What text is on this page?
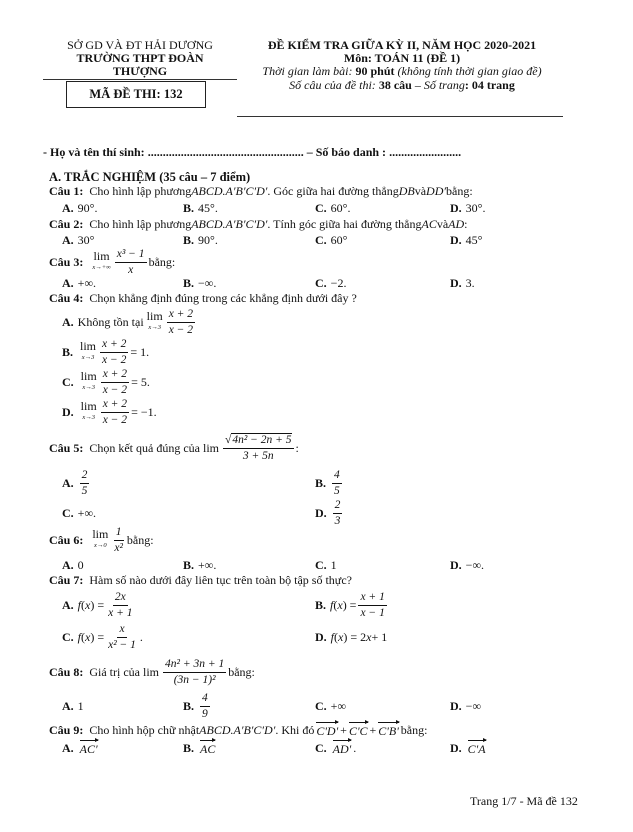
SỞ GD VÀ ĐT HẢI DƯƠNG
TRƯỜNG THPT ĐOÀN
THƯỢNG
MÃ ĐỀ THI: 132
ĐỀ KIỂM TRA GIỮA KỲ II, NĂM HỌC 2020-2021
Môn: TOÁN 11 (ĐỀ 1)
Thời gian làm bài: 90 phút (không tính thời gian giao đề)
Số câu của đề thi: 38 câu – Số trang: 04 trang
- Họ và tên thí sinh: .................................................... – Số báo danh : ........................
A. TRẮC NGHIỆM (35 câu – 7 điểm)
Câu 1: Cho hình lập phương ABCD.A′B′C′D′ . Góc giữa hai đường thẳng DB và DD′ bằng:
A. 90°.	B. 45°.	C. 60°.	D. 30°.
Câu 2: Cho hình lập phương ABCD.A′B′C′D′ . Tính góc giữa hai đường thẳng AC và AD :
A. 30°	B. 90°.	C. 60°	D. 45°
Câu 3: lim
$x\to+\infty \frac{\text{x³ − 1}}{x}$ bằng:
A. +∞.	B. −∞.	C. −2.	D. 3.
Câu 4: Chọn khẳng định đúng trong các khẳng định dưới đây ?
A. Không tồn tại lim
$x\to 3 \frac{x + 2}{x - 2}$
B. lim
$x\to 3 \frac{x + 2}{x - 2} = 1$.
C. lim
$x\to 3 \frac{x + 2}{x - 2} = 5$.
D. lim
$x\to 3 \frac{x + 2}{x - 2} = -1$.
Câu 5: Chọn kết quả đúng của $\lim \frac{\text{√4n² − 2n + 5}}{3 + 5n}$ :
A. $\frac{2}{5}$	B. $\frac{4}{5}$
C. +∞.	D. $\frac{2}{3}$
Câu 6: lim
$x\to 0 \frac{1}{\text{x²}}$ bằng:
A. 0	B. +∞.	C. 1	D. −∞.
Câu 7: Hàm số nào dưới đây liên tục trên toàn bộ tập số thực?
A. f ( x ) = $\frac{2x}{x + 1}$	B. f ( x ) = $\frac{x + 1}{x - 1}$
C. f ( x ) = $\frac{x}{\text{x² − 1}}$ .	D. f ( x ) = 2 x + 1
Câu 8: Giá trị của $\lim \frac{\text{4n² + 3n + 1}}{\text{(3n − 1)²}}$ bằng:
A. 1	B. $\frac{4}{9}$	C. +∞	D. −∞
Câu 9: Cho hình hộp chữ nhật ABCD.A′B′C′D′ . Khi đó C'D' + C'C + C'B' bằng:
A. AC'	B. AC	C. AD' .	D. C'A
Trang 1/7 - Mã đề 132
